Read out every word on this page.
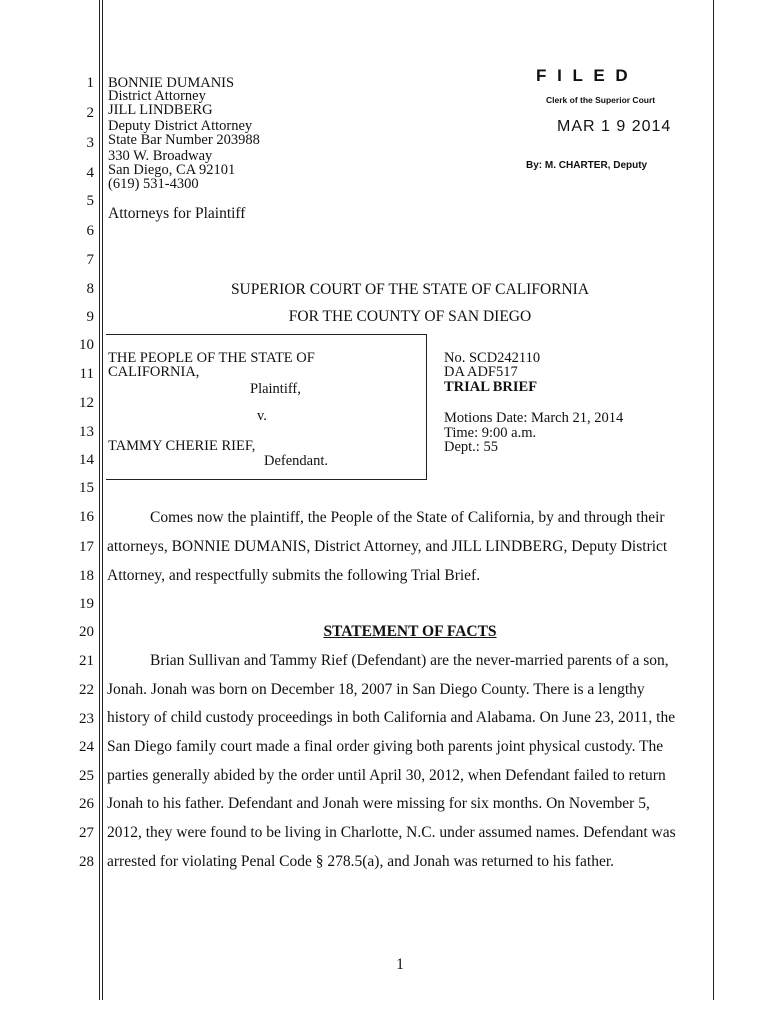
1
2
3
4
5
6
7
8
9
10
11
12
13
14
15
16
17
18
19
20
21
22
23
24
25
26
27
28
BONNIE DUMANIS
District Attorney
JILL LINDBERG
Deputy District Attorney
State Bar Number 203988
330 W. Broadway
San Diego, CA 92101
(619) 531-4300
Attorneys for Plaintiff
F I L E D
Clerk of the Superior Court
MAR 1 9 2014
By: M. CHARTER, Deputy
SUPERIOR COURT OF THE STATE OF CALIFORNIA
FOR THE COUNTY OF SAN DIEGO
THE PEOPLE OF THE STATE OF
CALIFORNIA,
Plaintiff,
v.
TAMMY CHERIE RIEF,
Defendant.
No. SCD242110
DA ADF517
TRIAL BRIEF
Motions Date: March 21, 2014
Time: 9:00 a.m.
Dept.: 55
Comes now the plaintiff, the People of the State of California, by and through their
attorneys, BONNIE DUMANIS, District Attorney, and JILL LINDBERG, Deputy District
Attorney, and respectfully submits the following Trial Brief.
STATEMENT OF FACTS
Brian Sullivan and Tammy Rief (Defendant) are the never-married parents of a son,
Jonah. Jonah was born on December 18, 2007 in San Diego County. There is a lengthy
history of child custody proceedings in both California and Alabama. On June 23, 2011, the
San Diego family court made a final order giving both parents joint physical custody. The
parties generally abided by the order until April 30, 2012, when Defendant failed to return
Jonah to his father. Defendant and Jonah were missing for six months. On November 5,
2012, they were found to be living in Charlotte, N.C. under assumed names. Defendant was
arrested for violating Penal Code § 278.5(a), and Jonah was returned to his father.
1
